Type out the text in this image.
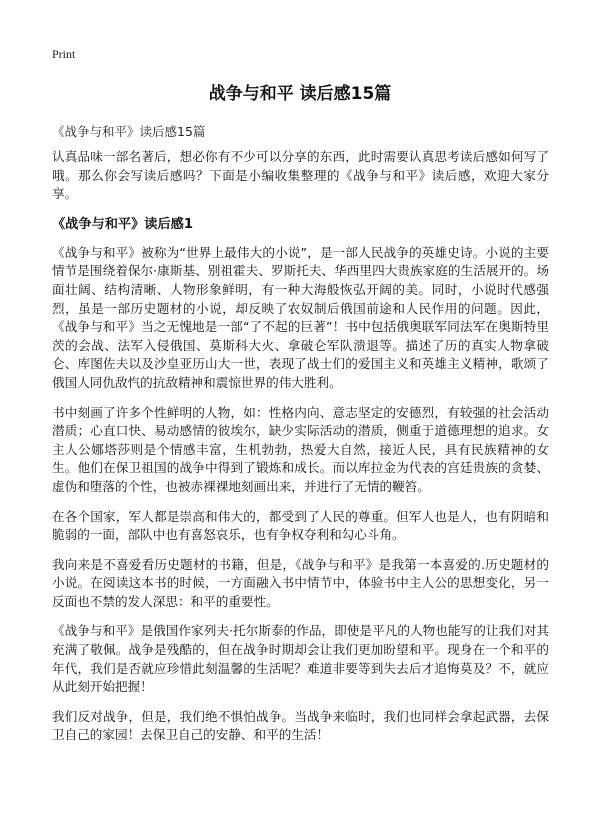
Print
战争与和平 读后感15篇
《战争与和平》读后感15篇

认真品味一部名著后，想必你有不少可以分享的东西，此时需要认真思考读后感如何写了哦。那么你会写读后感吗？下面是小编收集整理的《战争与和平》读后感，欢迎大家分享。

《战争与和平》读后感1

《战争与和平》被称为“世界上最伟大的小说”，是一部人民战争的英雄史诗。小说的主要情节是围绕着保尔·康斯基、别祖霍夫、罗斯托夫、华西里四大贵族家庭的生活展开的。场面壮阔、结构清晰、人物形象鲜明，有一种大海般恢弘开阔的美。同时，小说时代感强烈，虽是一部历史题材的小说，却反映了农奴制后俄国前途和人民作用的问题。因此，《战争与和平》当之无愧地是一部“了不起的巨著”！书中包括俄奥联军同法军在奥斯特里茨的会战、法军入侵俄国、莫斯科大火、拿破仑军队溃退等。描述了历的真实人物拿破仑、库图佐夫以及沙皇亚历山大一世，表现了战士们的爱国主义和英雄主义精神，歌颂了俄国人同仇敌忾的抗敌精神和震惊世界的伟大胜利。

书中刻画了许多个性鲜明的人物，如：性格内向、意志坚定的安德烈，有较强的社会活动潜质；心直口快、易动感情的彼埃尔，缺少实际活动的潜质，侧重于道德理想的追求。女主人公娜塔莎则是个情感丰富，生机勃勃，热爱大自然，接近人民，具有民族精神的女生。他们在保卫祖国的战争中得到了锻炼和成长。而以库拉金为代表的宫廷贵族的贪婪、虚伪和堕落的个性，也被赤裸裸地刻画出来，并进行了无情的鞭笞。

在各个国家，军人都是崇高和伟大的，都受到了人民的尊重。但军人也是人，也有阴暗和脆弱的一面，部队中也有喜怒哀乐，也有争权夺利和勾心斗角。

我向来是不喜爱看历史题材的书籍，但是，《战争与和平》是我第一本喜爱的.历史题材的小说。在阅读这本书的时候，一方面融入书中情节中，体验书中主人公的思想变化，另一反面也不禁的发人深思：和平的重要性。

《战争与和平》是俄国作家列夫·托尔斯泰的作品，即使是平凡的人物也能写的让我们对其充满了敬佩。战争是残酷的，但在战争时期却会让我们更加盼望和平。现身在一个和平的年代，我们是否就应珍惜此刻温馨的生活呢？难道非要等到失去后才追悔莫及？不，就应从此刻开始把握！

我们反对战争，但是，我们绝不惧怕战争。当战争来临时，我们也同样会拿起武器，去保卫自己的家园！去保卫自己的安静、和平的生活！
